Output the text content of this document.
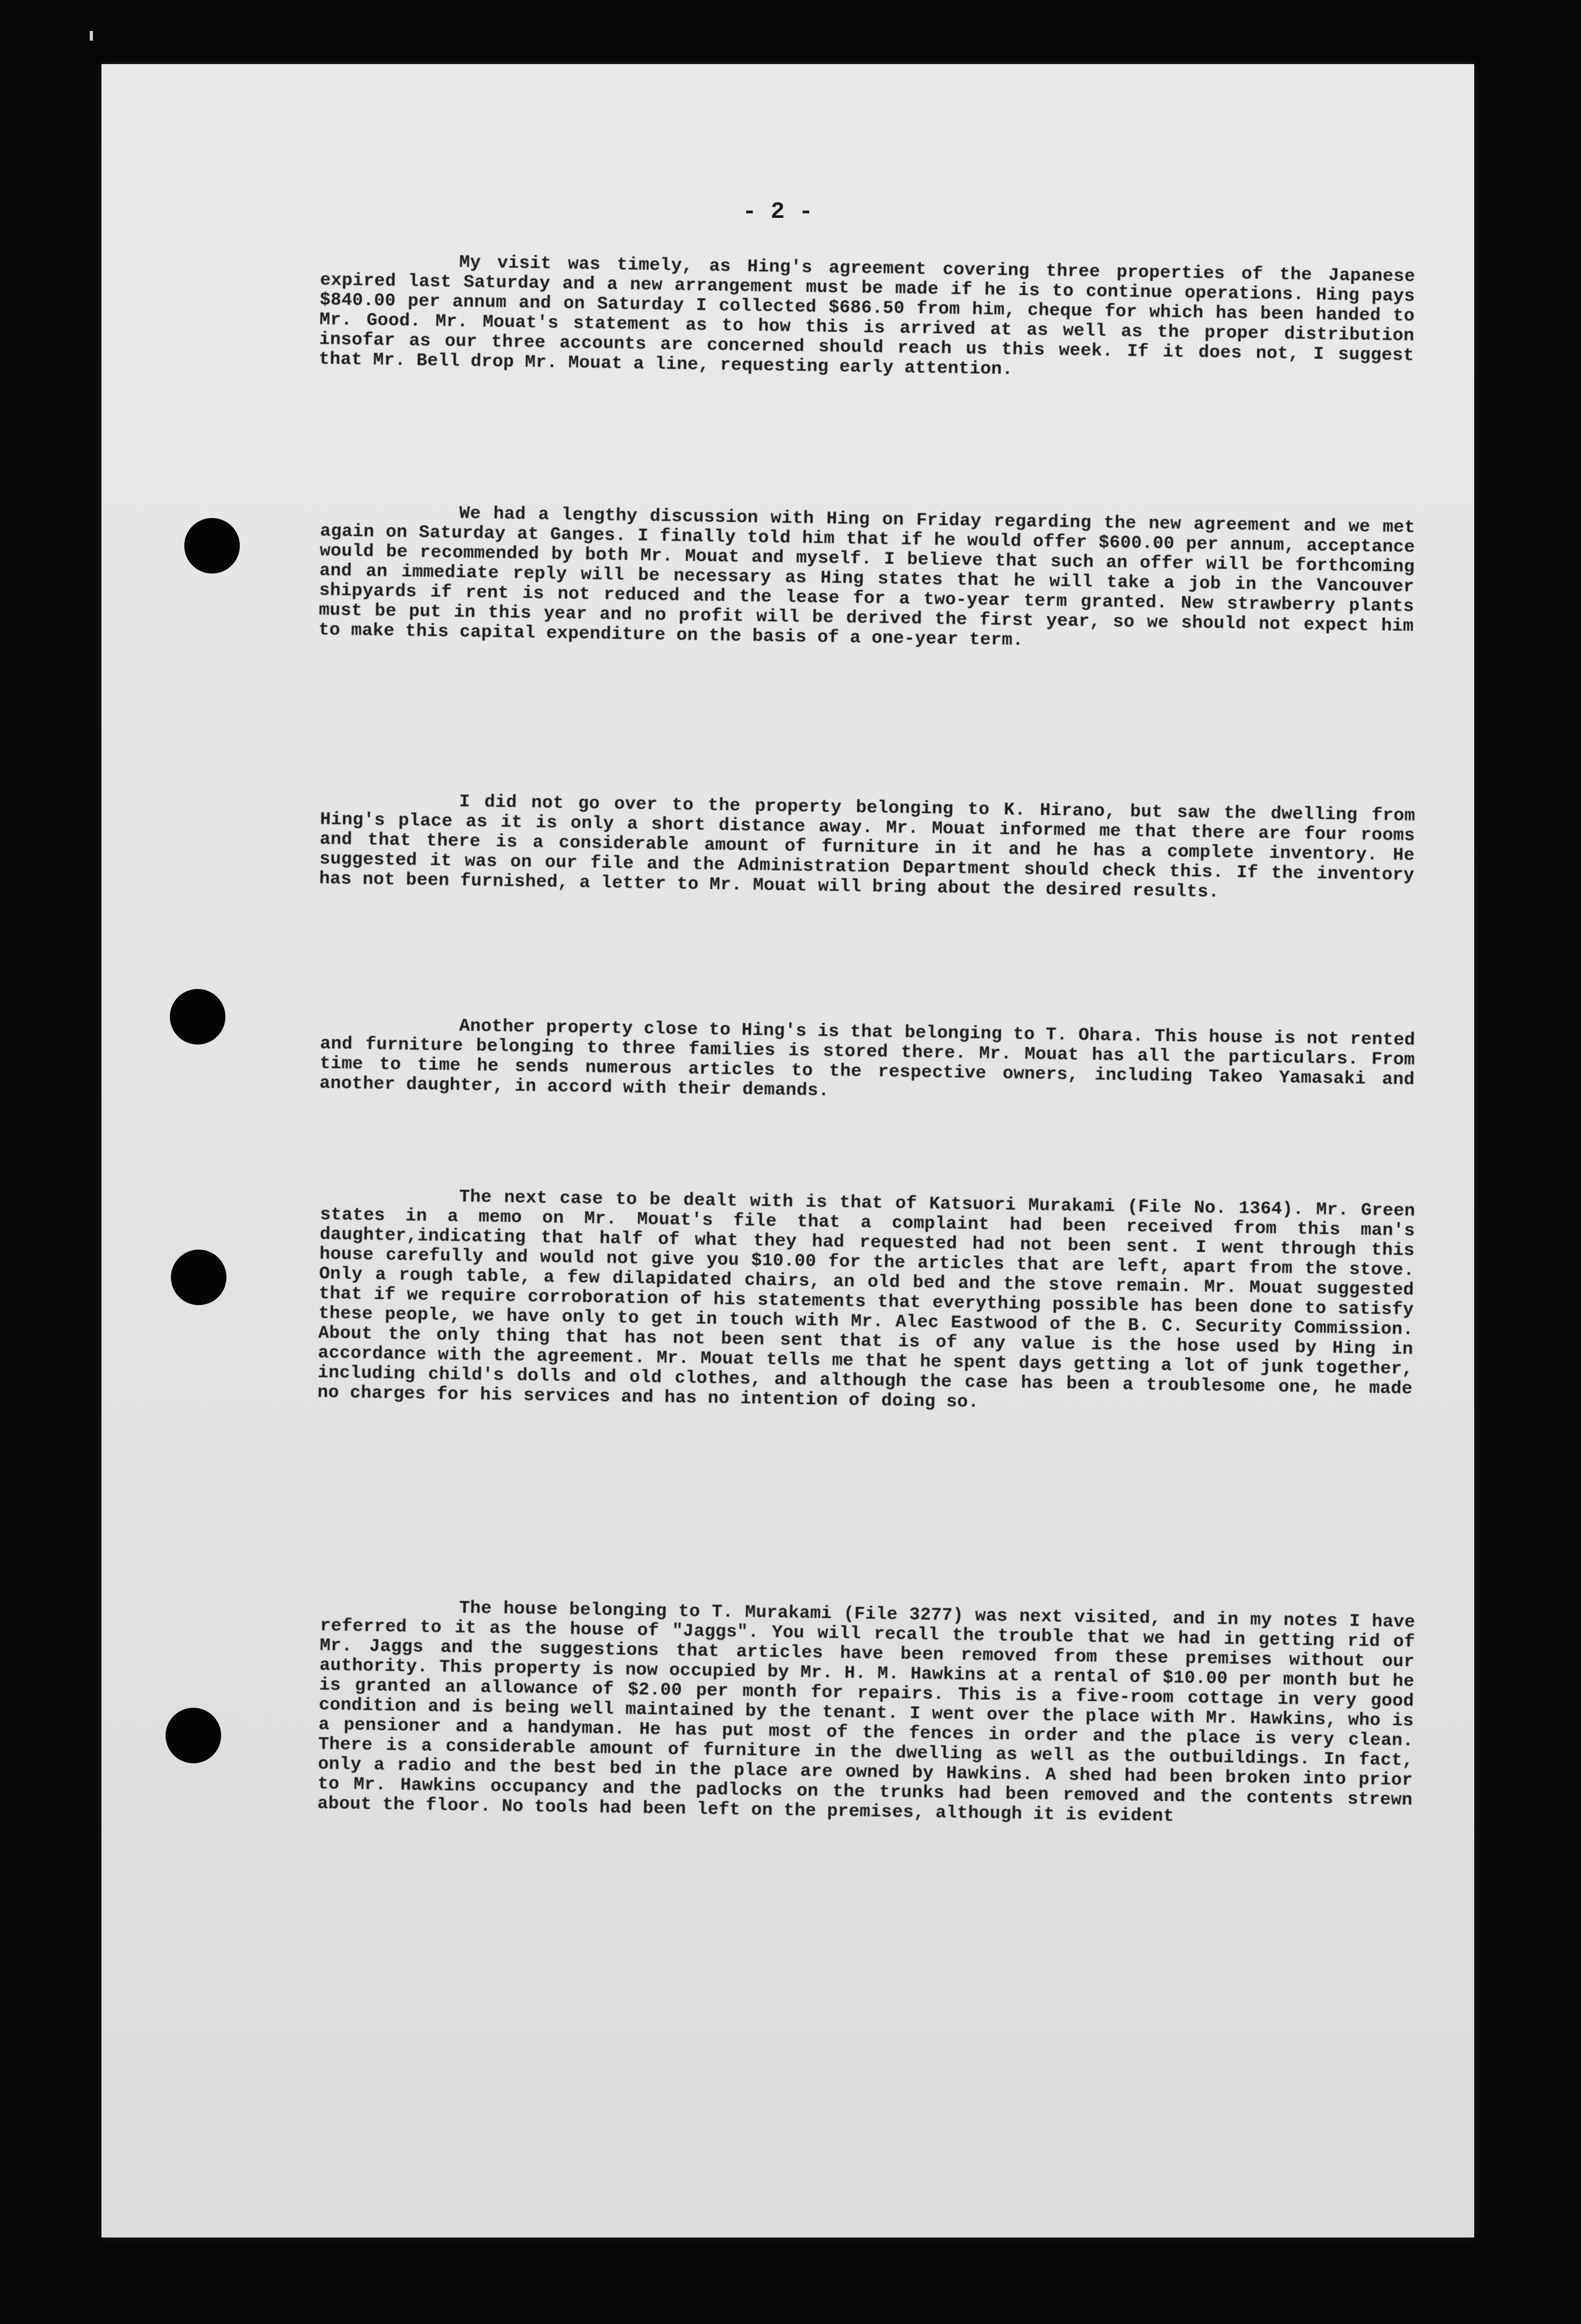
- 2 -

My visit was timely, as Hing's agreement covering three properties of the Japanese expired last Saturday and a new arrangement must be made if he is to continue operations. Hing pays $840.00 per annum and on Saturday I collected $686.50 from him, cheque for which has been handed to Mr. Good. Mr. Mouat's statement as to how this is arrived at as well as the proper distribution insofar as our three accounts are concerned should reach us this week. If it does not, I suggest that Mr. Bell drop Mr. Mouat a line, requesting early attention.

We had a lengthy discussion with Hing on Friday regarding the new agreement and we met again on Saturday at Ganges. I finally told him that if he would offer $600.00 per annum, acceptance would be recommended by both Mr. Mouat and myself. I believe that such an offer will be forthcoming and an immediate reply will be necessary as Hing states that he will take a job in the Vancouver shipyards if rent is not reduced and the lease for a two-year term granted. New strawberry plants must be put in this year and no profit will be derived the first year, so we should not expect him to make this capital expenditure on the basis of a one-year term.

I did not go over to the property belonging to K. Hirano, but saw the dwelling from Hing's place as it is only a short distance away. Mr. Mouat informed me that there are four rooms and that there is a considerable amount of furniture in it and he has a complete inventory. He suggested it was on our file and the Administration Department should check this. If the inventory has not been furnished, a letter to Mr. Mouat will bring about the desired results.

Another property close to Hing's is that belonging to T. Ohara. This house is not rented and furniture belonging to three families is stored there. Mr. Mouat has all the particulars. From time to time he sends numerous articles to the respective owners, including Takeo Yamasaki and another daughter, in accord with their demands.

The next case to be dealt with is that of Katsuori Murakami (File No. 1364). Mr. Green states in a memo on Mr. Mouat's file that a complaint had been received from this man's daughter,indicating that half of what they had requested had not been sent. I went through this house carefully and would not give you $10.00 for the articles that are left, apart from the stove. Only a rough table, a few dilapidated chairs, an old bed and the stove remain. Mr. Mouat suggested that if we require corroboration of his statements that everything possible has been done to satisfy these people, we have only to get in touch with Mr. Alec Eastwood of the B. C. Security Commission. About the only thing that has not been sent that is of any value is the hose used by Hing in accordance with the agreement. Mr. Mouat tells me that he spent days getting a lot of junk together, including child's dolls and old clothes, and although the case has been a troublesome one, he made no charges for his services and has no intention of doing so.

The house belonging to T. Murakami (File 3277) was next visited, and in my notes I have referred to it as the house of "Jaggs". You will recall the trouble that we had in getting rid of Mr. Jaggs and the suggestions that articles have been removed from these premises without our authority. This property is now occupied by Mr. H. M. Hawkins at a rental of $10.00 per month but he is granted an allowance of $2.00 per month for repairs. This is a five-room cottage in very good condition and is being well maintained by the tenant. I went over the place with Mr. Hawkins, who is a pensioner and a handyman. He has put most of the fences in order and the place is very clean. There is a considerable amount of furniture in the dwelling as well as the outbuildings. In fact, only a radio and the best bed in the place are owned by Hawkins. A shed had been broken into prior to Mr. Hawkins occupancy and the padlocks on the trunks had been removed and the contents strewn about the floor. No tools had been left on the premises, although it is evident
